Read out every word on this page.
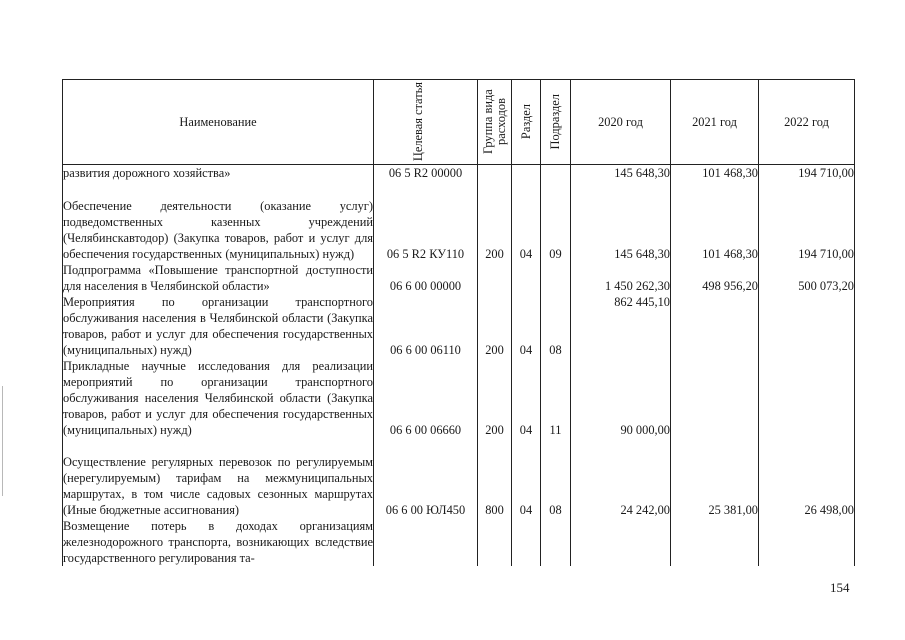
Наименование	Целевая статья	Группа вида расходов	Раздел	Подраздел	2020 год	2021 год	2022 год
развития дорожного хозяйства»	06 5 R2 00000				145 648,30	101 468,30	194 710,00
Обеспечение деятельности (оказание услуг) подведомственных казенных учреждений (Челябинскавтодор) (Закупка товаров, работ и услуг для обеспечения государственных (муниципальных) нужд)	06 5 R2 КУ110	200	04	09	145 648,30	101 468,30	194 710,00
Подпрограмма «Повышение транспортной доступности для населения в Челябинской области»	06 6 00 00000				1 450 262,30	498 956,20	500 073,20
Мероприятия по организации транспортного обслуживания населения в Челябинской области (Закупка товаров, работ и услуг для обеспечения государственных (муниципальных) нужд)	06 6 00 06110	200	04	08	862 445,10		
Прикладные научные исследования для реализации мероприятий по организации транспортного обслуживания населения Челябинской области (Закупка товаров, работ и услуг для обеспечения государственных (муниципальных) нужд)	06 6 00 06660	200	04	11	90 000,00		
Осуществление регулярных перевозок по регулируемым (нерегулируемым) тарифам на межмуниципальных маршрутах, в том числе садовых сезонных маршрутах (Иные бюджетные ассигнования)	06 6 00 ЮЛ450	800	04	08	24 242,00	25 381,00	26 498,00
Возмещение потерь в доходах организациям железнодорожного транспорта, возникающих вследствие государственного регулирования та-							
154
